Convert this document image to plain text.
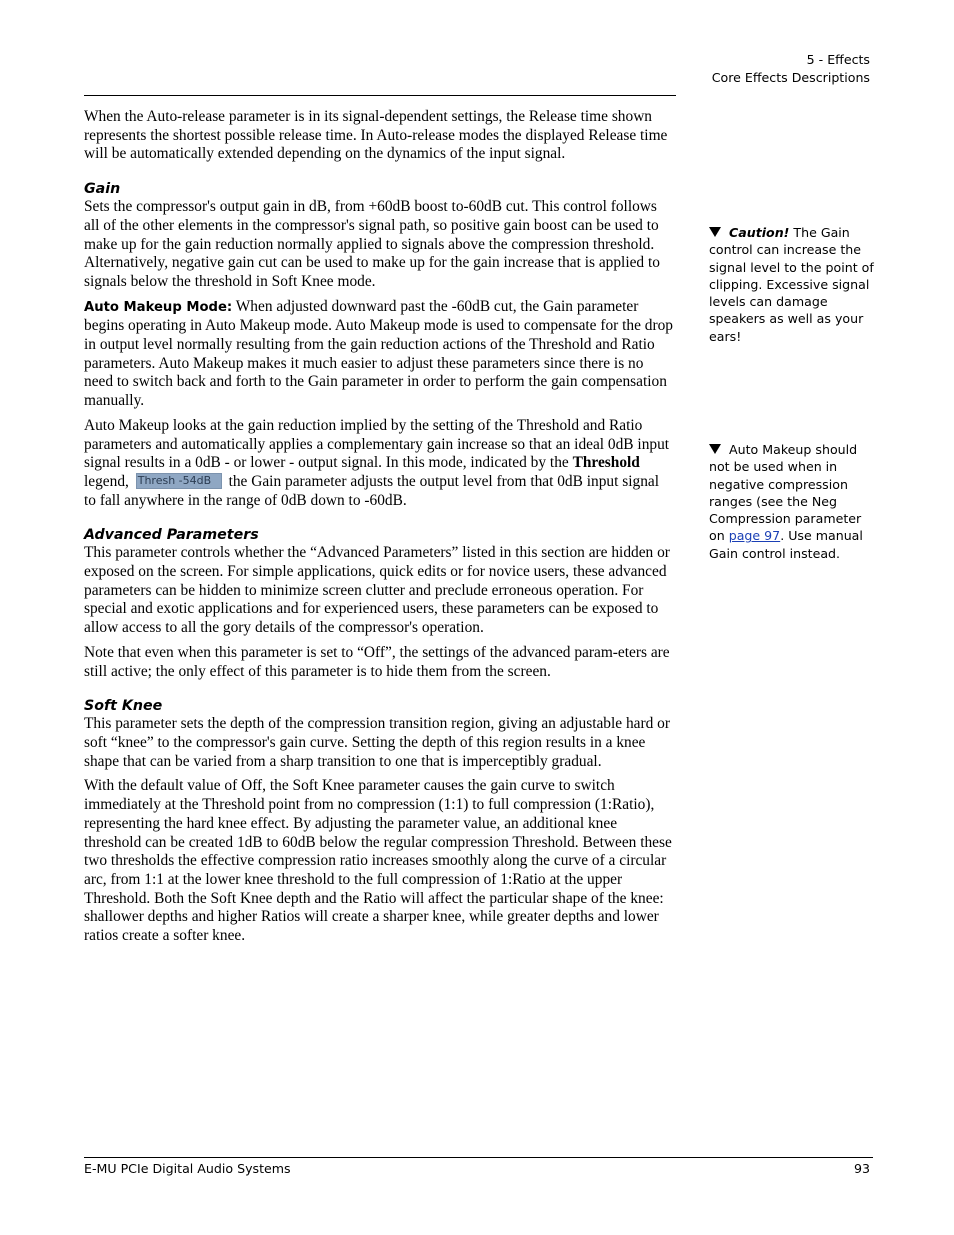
5 - Effects
Core Effects Descriptions

When the Auto-release parameter is in its signal-dependent settings, the Release time shown represents the shortest possible release time. In Auto-release modes the displayed Release time will be automatically extended depending on the dynamics of the input signal.

Gain

Sets the compressor's output gain in dB, from +60dB boost to-60dB cut. This control follows all of the other elements in the compressor's signal path, so positive gain boost can be used to make up for the gain reduction normally applied to signals above the compression threshold. Alternatively, negative gain cut can be used to make up for the gain increase that is applied to signals below the threshold in Soft Knee mode.

Auto Makeup Mode: When adjusted downward past the -60dB cut, the Gain parameter begins operating in Auto Makeup mode. Auto Makeup mode is used to compensate for the drop in output level normally resulting from the gain reduction actions of the Threshold and Ratio parameters. Auto Makeup makes it much easier to adjust these parameters since there is no need to switch back and forth to the Gain parameter in order to perform the gain compensation manually.

Auto Makeup looks at the gain reduction implied by the setting of the Threshold and Ratio parameters and automatically applies a complementary gain increase so that an ideal 0dB input signal results in a 0dB - or lower - output signal. In this mode, indicated by the Threshold legend, Thresh -54dB the Gain parameter adjusts the output level from that 0dB input signal to fall anywhere in the range of 0dB down to -60dB.

Advanced Parameters

This parameter controls whether the “Advanced Parameters” listed in this section are hidden or exposed on the screen. For simple applications, quick edits or for novice users, these advanced parameters can be hidden to minimize screen clutter and preclude erroneous operation. For special and exotic applications and for experienced users, these parameters can be exposed to allow access to all the gory details of the compressor's operation.

Note that even when this parameter is set to “Off”, the settings of the advanced param-eters are still active; the only effect of this parameter is to hide them from the screen.

Soft Knee

This parameter sets the depth of the compression transition region, giving an adjustable hard or soft “knee” to the compressor's gain curve. Setting the depth of this region results in a knee shape that can be varied from a sharp transition to one that is imperceptibly gradual.

With the default value of Off, the Soft Knee parameter causes the gain curve to switch immediately at the Threshold point from no compression (1:1) to full compression (1:Ratio), representing the hard knee effect. By adjusting the parameter value, an additional knee threshold can be created 1dB to 60dB below the regular compression Threshold. Between these two thresholds the effective compression ratio increases smoothly along the curve of a circular arc, from 1:1 at the lower knee threshold to the full compression of 1:Ratio at the upper Threshold. Both the Soft Knee depth and the Ratio will affect the particular shape of the knee: shallower depths and higher Ratios will create a sharper knee, while greater depths and lower ratios create a softer knee.

Caution! The Gain control can increase the signal level to the point of clipping. Excessive signal levels can damage speakers as well as your ears!
Auto Makeup should not be used when in negative compression ranges (see the Neg Compression parameter on page 97. Use manual Gain control instead.
E-MU PCIe Digital Audio Systems	93
